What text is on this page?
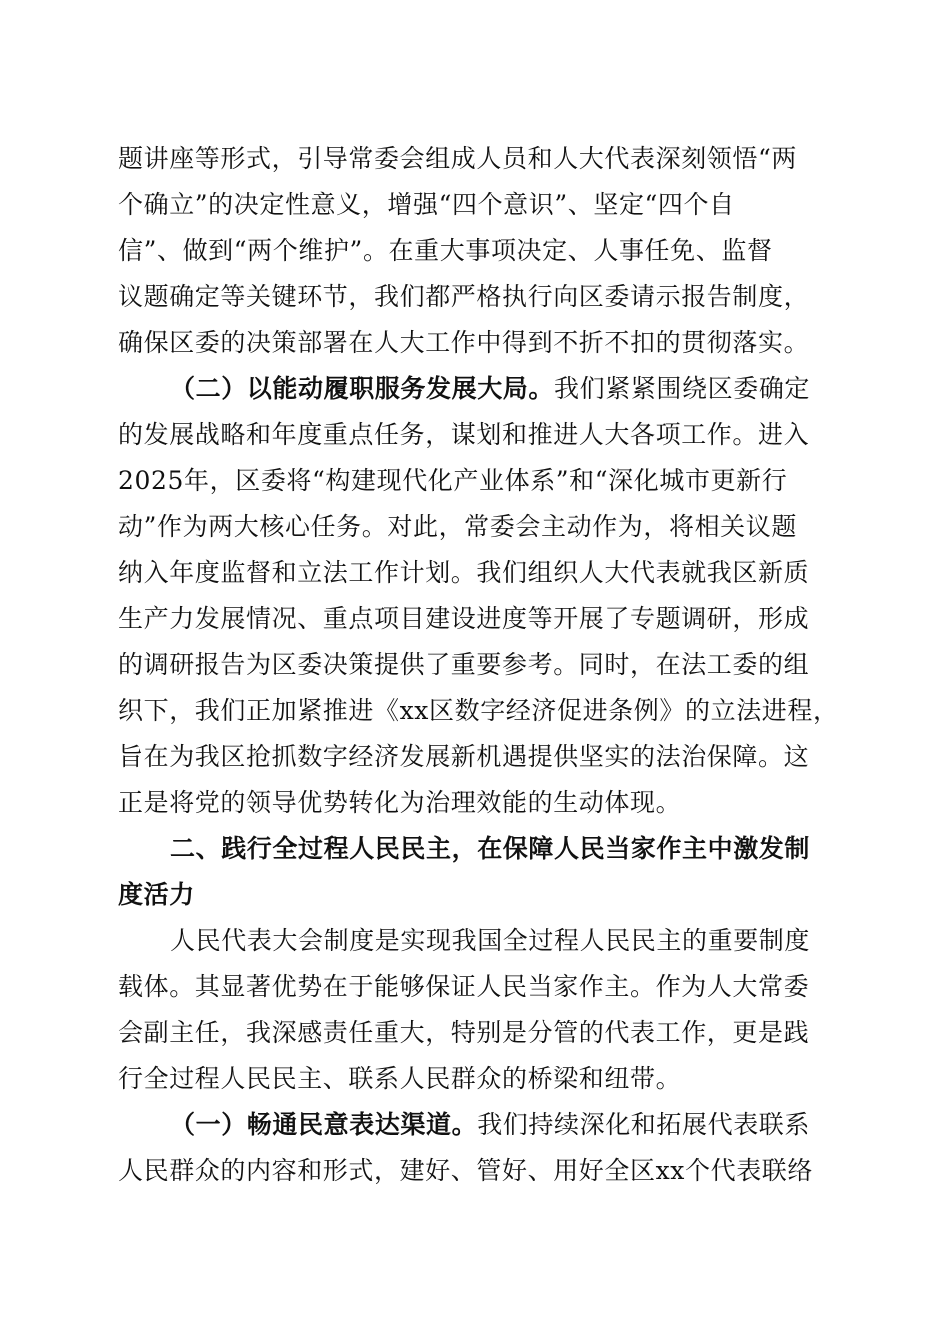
题讲座等形式，引导常委会组成人员和人大代表深刻领悟“两
个确立”的决定性意义，增强“四个意识”、坚定“四个自
信”、做到“两个维护”。在重大事项决定、人事任免、监督
议题确定等关键环节，我们都严格执行向区委请示报告制度，
确保区委的决策部署在人大工作中得到不折不扣的贯彻落实。
（二）以能动履职服务发展大局。我们紧紧围绕区委确定
的发展战略和年度重点任务，谋划和推进人大各项工作。进入
2025年，区委将“构建现代化产业体系”和“深化城市更新行
动”作为两大核心任务。对此，常委会主动作为，将相关议题
纳入年度监督和立法工作计划。我们组织人大代表就我区新质
生产力发展情况、重点项目建设进度等开展了专题调研，形成
的调研报告为区委决策提供了重要参考。同时，在法工委的组
织下，我们正加紧推进《xx区数字经济促进条例》的立法进程，
旨在为我区抢抓数字经济发展新机遇提供坚实的法治保障。这
正是将党的领导优势转化为治理效能的生动体现。
二、践行全过程人民民主，在保障人民当家作主中激发制
度活力
人民代表大会制度是实现我国全过程人民民主的重要制度
载体。其显著优势在于能够保证人民当家作主。作为人大常委
会副主任，我深感责任重大，特别是分管的代表工作，更是践
行全过程人民民主、联系人民群众的桥梁和纽带。
（一）畅通民意表达渠道。我们持续深化和拓展代表联系
人民群众的内容和形式，建好、管好、用好全区xx个代表联络
